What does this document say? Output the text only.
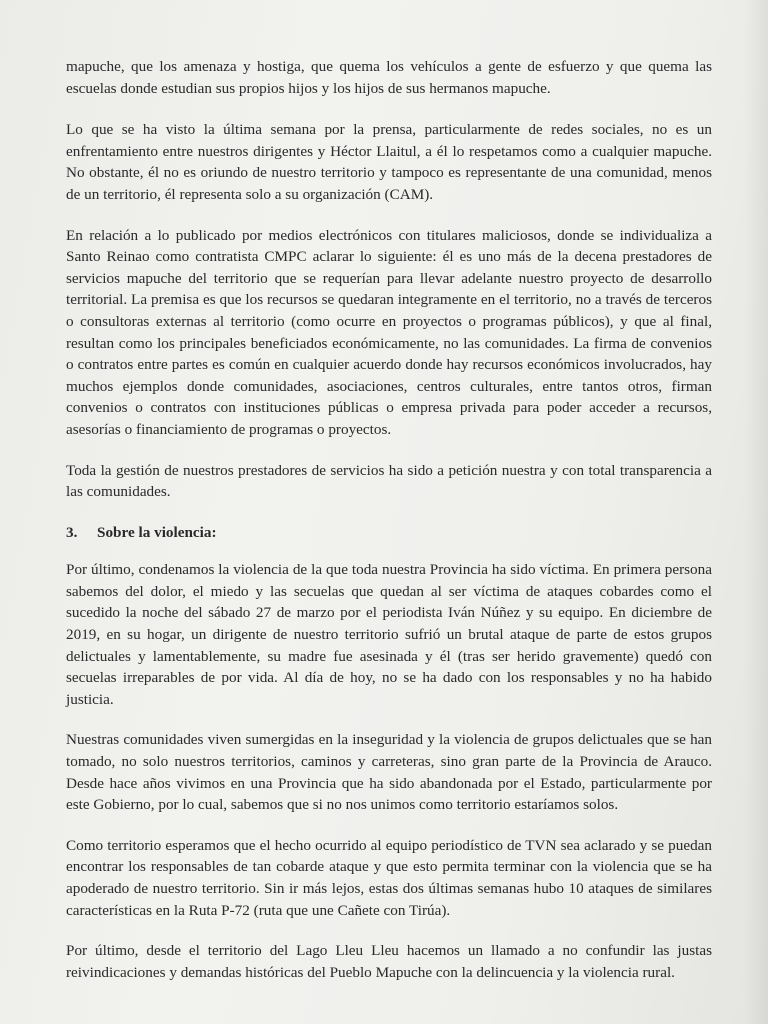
mapuche, que los amenaza y hostiga, que quema los vehículos a gente de esfuerzo y que quema las escuelas donde estudian sus propios hijos y los hijos de sus hermanos mapuche.

Lo que se ha visto la última semana por la prensa, particularmente de redes sociales, no es un enfrentamiento entre nuestros dirigentes y Héctor Llaitul, a él lo respetamos como a cualquier mapuche. No obstante, él no es oriundo de nuestro territorio y tampoco es representante de una comunidad, menos de un territorio, él representa solo a su organización (CAM).

En relación a lo publicado por medios electrónicos con titulares maliciosos, donde se individualiza a Santo Reinao como contratista CMPC aclarar lo siguiente: él es uno más de la decena prestadores de servicios mapuche del territorio que se requerían para llevar adelante nuestro proyecto de desarrollo territorial. La premisa es que los recursos se quedaran integramente en el territorio, no a través de terceros o consultoras externas al territorio (como ocurre en proyectos o programas públicos), y que al final, resultan como los principales beneficiados económicamente, no las comunidades. La firma de convenios o contratos entre partes es común en cualquier acuerdo donde hay recursos económicos involucrados, hay muchos ejemplos donde comunidades, asociaciones, centros culturales, entre tantos otros, firman convenios o contratos con instituciones públicas o empresa privada para poder acceder a recursos, asesorías o financiamiento de programas o proyectos.

Toda la gestión de nuestros prestadores de servicios ha sido a petición nuestra y con total transparencia a las comunidades.

3.	Sobre la violencia:

Por último, condenamos la violencia de la que toda nuestra Provincia ha sido víctima. En primera persona sabemos del dolor, el miedo y las secuelas que quedan al ser víctima de ataques cobardes como el sucedido la noche del sábado 27 de marzo por el periodista Iván Núñez y su equipo. En diciembre de 2019, en su hogar, un dirigente de nuestro territorio sufrió un brutal ataque de parte de estos grupos delictuales y lamentablemente, su madre fue asesinada y él (tras ser herido gravemente) quedó con secuelas irreparables de por vida. Al día de hoy, no se ha dado con los responsables y no ha habido justicia.

Nuestras comunidades viven sumergidas en la inseguridad y la violencia de grupos delictuales que se han tomado, no solo nuestros territorios, caminos y carreteras, sino gran parte de la Provincia de Arauco. Desde hace años vivimos en una Provincia que ha sido abandonada por el Estado, particularmente por este Gobierno, por lo cual, sabemos que si no nos unimos como territorio estaríamos solos.

Como territorio esperamos que el hecho ocurrido al equipo periodístico de TVN sea aclarado y se puedan encontrar los responsables de tan cobarde ataque y que esto permita terminar con la violencia que se ha apoderado de nuestro territorio. Sin ir más lejos, estas dos últimas semanas hubo 10 ataques de similares características en la Ruta P-72 (ruta que une Cañete con Tirúa).

Por último, desde el territorio del Lago Lleu Lleu hacemos un llamado a no confundir las justas reivindicaciones y demandas históricas del Pueblo Mapuche con la delincuencia y la violencia rural.
